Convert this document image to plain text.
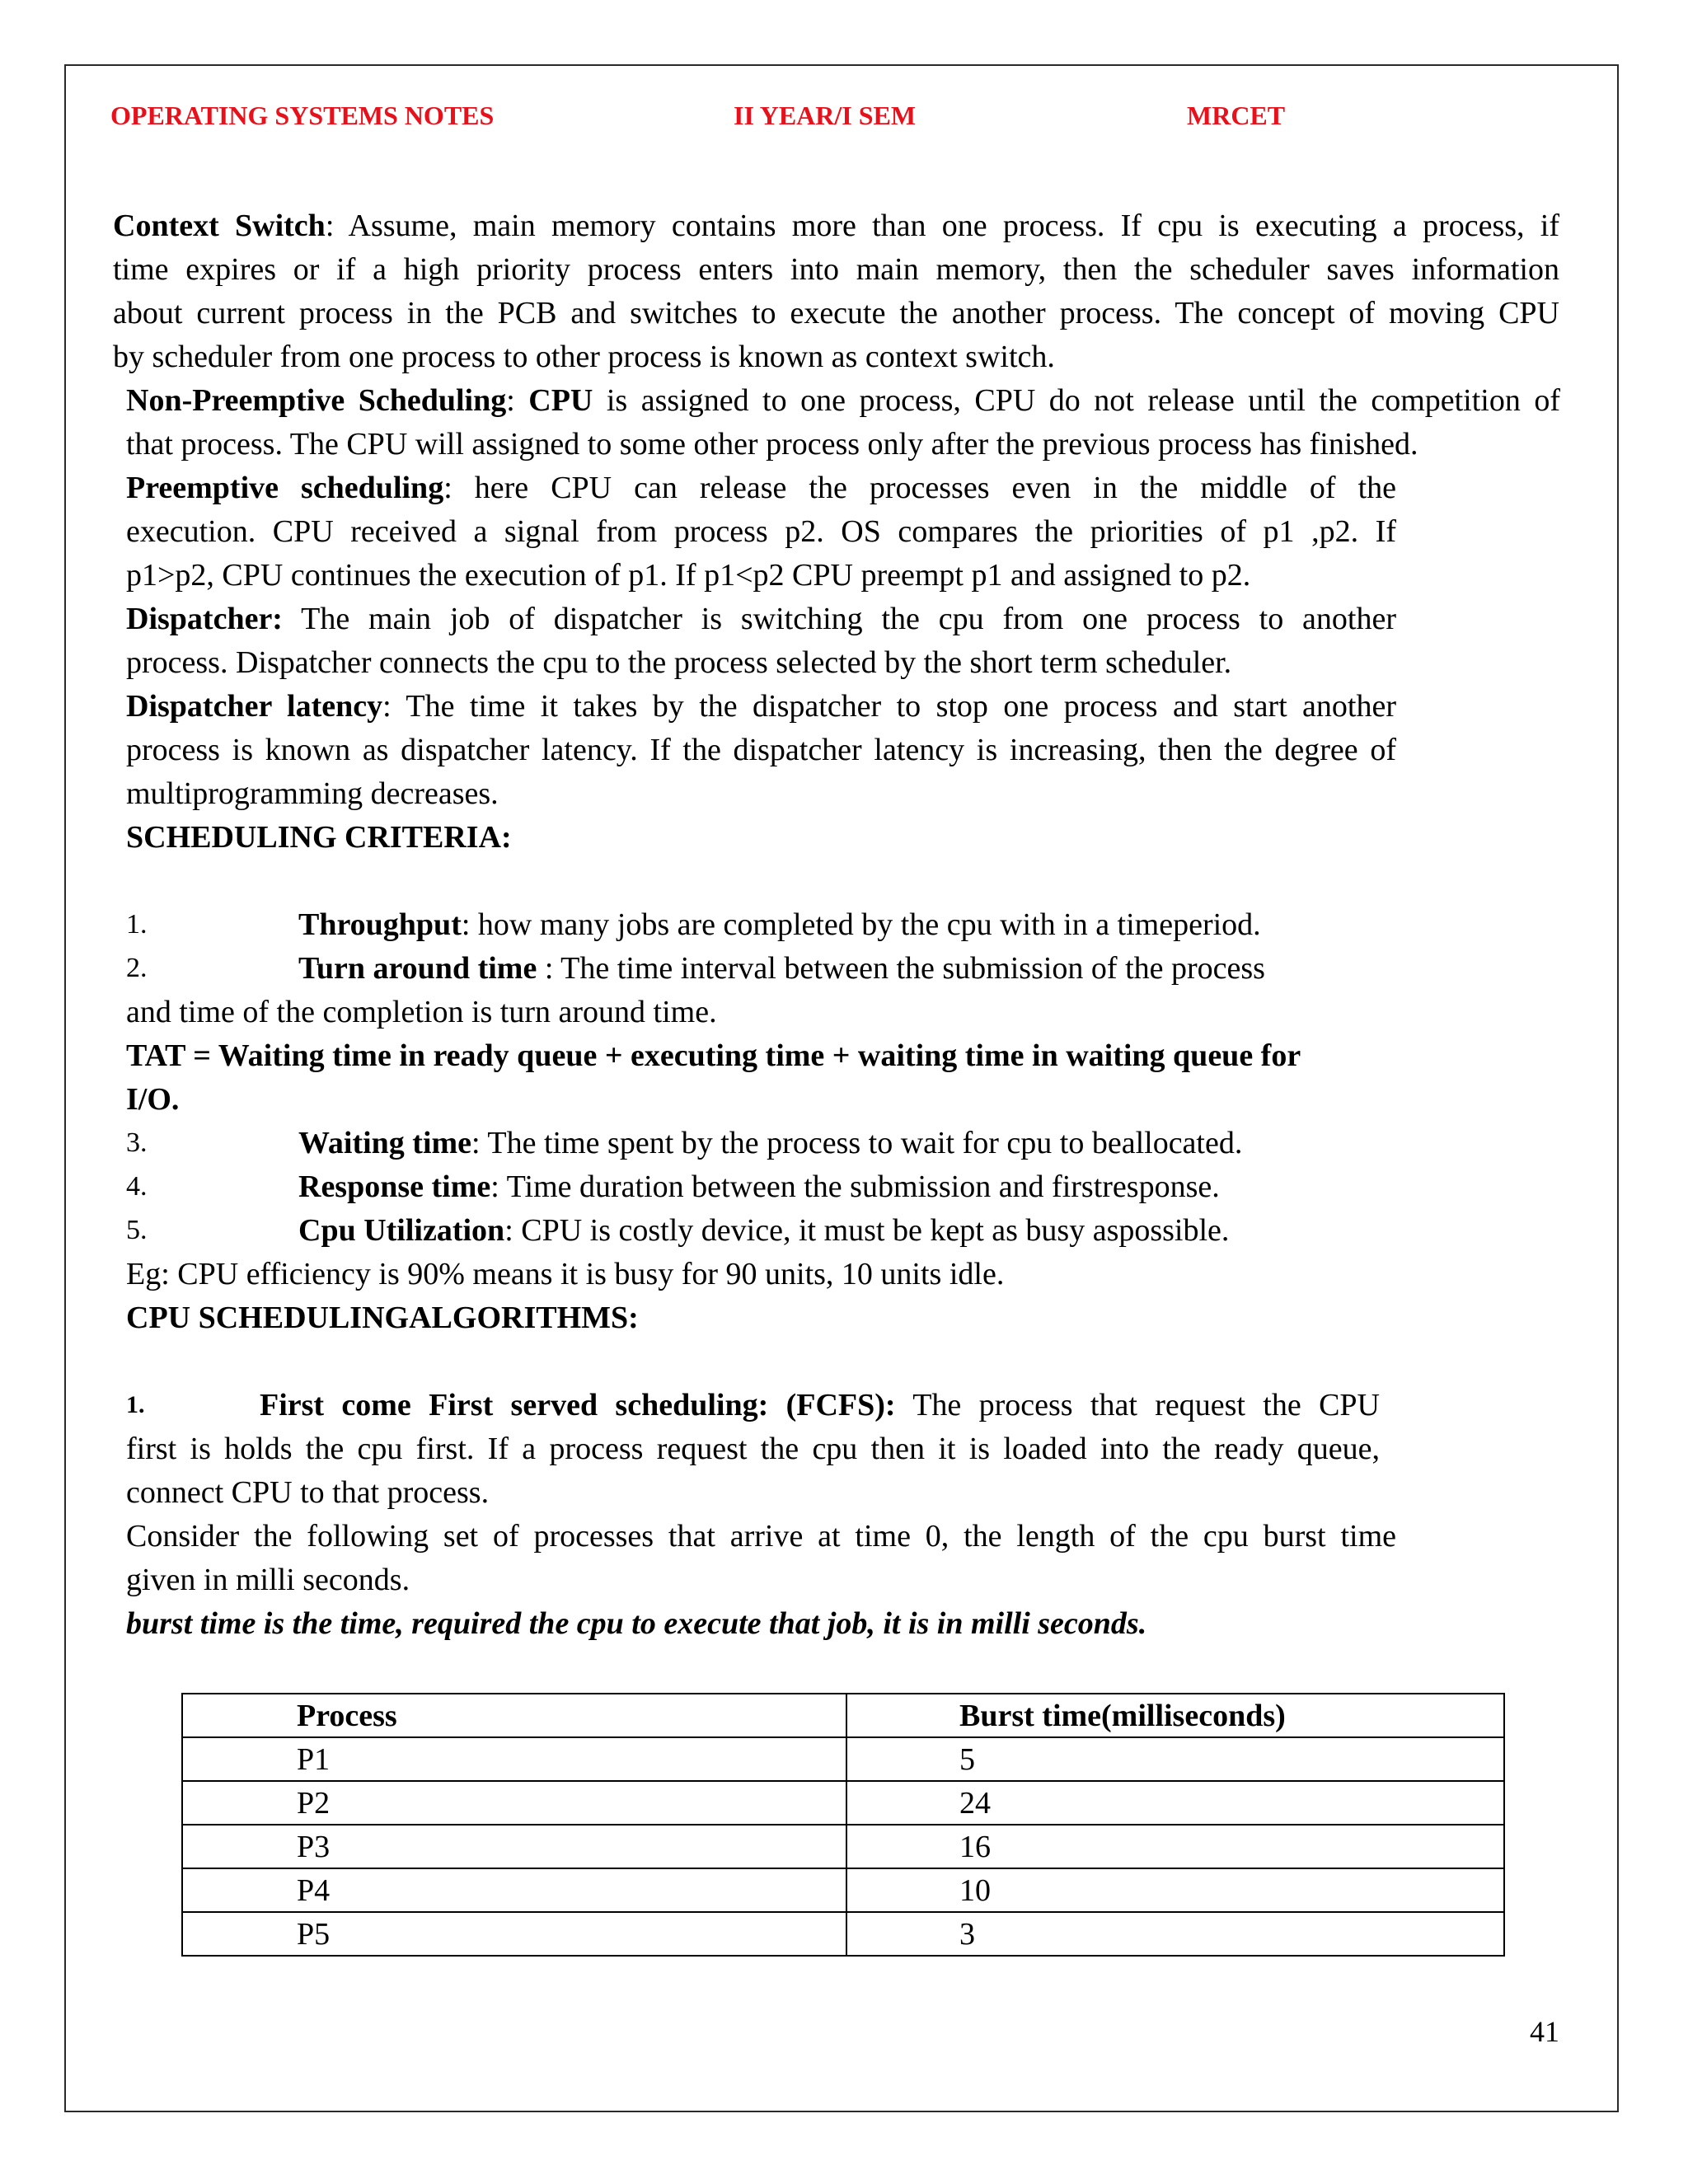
OPERATING SYSTEMS NOTES	II YEAR/I SEM	MRCET
Context Switch: Assume, main memory contains more than one process. If cpu is executing a process, if
time expires or if a high priority process enters into main memory, then the scheduler saves information
about current process in the PCB and switches to execute the another process. The concept of moving CPU
by scheduler from one process to other process is known as context switch.
Non-Preemptive Scheduling: CPU is assigned to one process, CPU do not release until the competition of
that process. The CPU will assigned to some other process only after the previous process has finished.
Preemptive scheduling: here CPU can release the processes even in the middle of the
execution. CPU received a signal from process p2. OS compares the priorities of p1 ,p2. If
p1>p2, CPU continues the execution of p1. If p1<p2 CPU preempt p1 and assigned to p2.
Dispatcher: The main job of dispatcher is switching the cpu from one process to another
process. Dispatcher connects the cpu to the process selected by the short term scheduler.
Dispatcher latency: The time it takes by the dispatcher to stop one process and start another
process is known as dispatcher latency. If the dispatcher latency is increasing, then the degree of
multiprogramming decreases.
SCHEDULING CRITERIA:
1.	Throughput: how many jobs are completed by the cpu with in a timeperiod.
2.	Turn around time : The time interval between the submission of the process
and time of the completion is turn around time.
TAT = Waiting time in ready queue + executing time + waiting time in waiting queue for
I/O.
3.	Waiting time: The time spent by the process to wait for cpu to beallocated.
4.	Response time: Time duration between the submission and firstresponse.
5.	Cpu Utilization: CPU is costly device, it must be kept as busy aspossible.
Eg: CPU efficiency is 90% means it is busy for 90 units, 10 units idle.
CPU SCHEDULINGALGORITHMS:
1.	First come First served scheduling: (FCFS): The process that request the CPU
first is holds the cpu first. If a process request the cpu then it is loaded into the ready queue,
connect CPU to that process.
Consider the following set of processes that arrive at time 0, the length of the cpu burst time
given in milli seconds.
burst time is the time, required the cpu to execute that job, it is in milli seconds.
Process	Burst time(milliseconds)
P1	5
P2	24
P3	16
P4	10
P5	3
41
